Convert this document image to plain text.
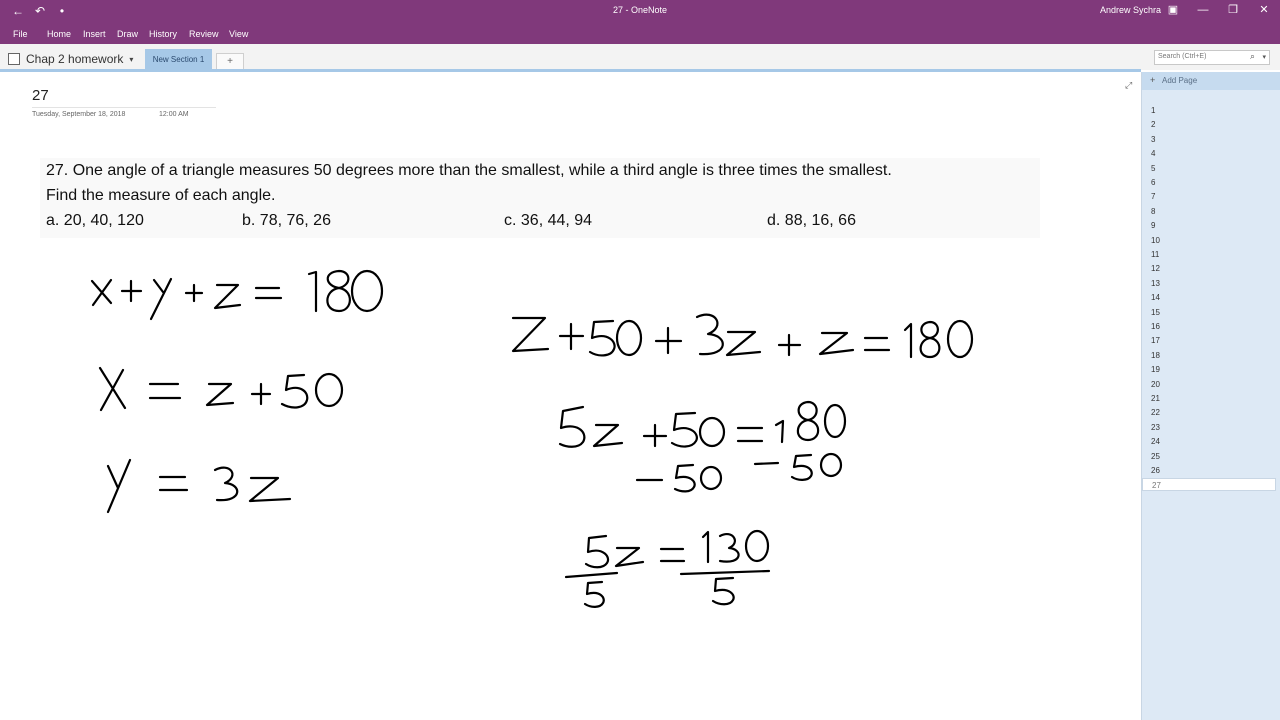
← ↶	•	27 - OneNote	Andrew Sychra ▣	—	❐	✕
File Home Insert Draw History Review View
Chap 2 homework ▾	New Section 1	+	Search (Ctrl+E)	⌕ ▾
⤢
27
Tuesday, September 18, 2018	12:00 AM
27. One angle of a triangle measures 50 degrees more than the smallest, while a third angle is three times the smallest.
Find the measure of each angle.
a. 20, 40, 120	b. 78, 76, 26	c. 36, 44, 94	d. 88, 16, 66
+ Add Page
1
2
3
4
5
6
7
8
9
10
11
12
13
14
15
16
17
18
19
20
21
22
23
24
25
26
27
